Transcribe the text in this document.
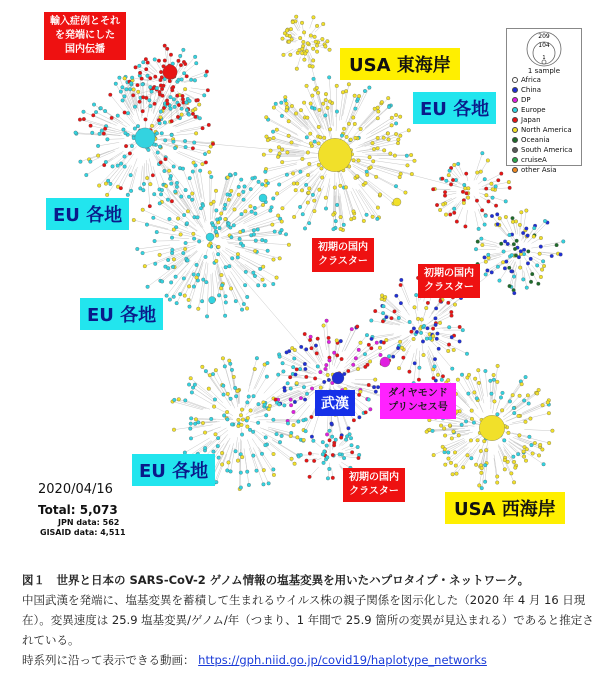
輸入症例とそれ
を発端にした
国内伝播
USA 東海岸
EU 各地
EU 各地
EU 各地
EU 各地
初期の国内
クラスター
初期の国内
クラスター
初期の国内
クラスター
武漢
ダイヤモンド
プリンセス号
USA 西海岸
209
104
1
1 sample
Africa
China
DP
Europe
Japan
North America
Oceania
South America
cruiseA
other Asia
2020/04/16
Total: 5,073
JPN data: 562
GISAID data: 4,511
図１　世界と日本の SARS-CoV-2 ゲノム情報の塩基変異を用いたハプロタイプ・ネットワーク。
中国武漢を発端に、塩基変異を蓄積して生まれるウイルス株の親子関係を図示化した（2020 年 4 月 16 日現在）。変異速度は 25.9 塩基変異/ゲノム/年（つまり、1 年間で 25.9 箇所の変異が見込まれる）であると推定されている。
時系列に沿って表示できる動画： https://gph.niid.go.jp/covid19/haplotype_networks
